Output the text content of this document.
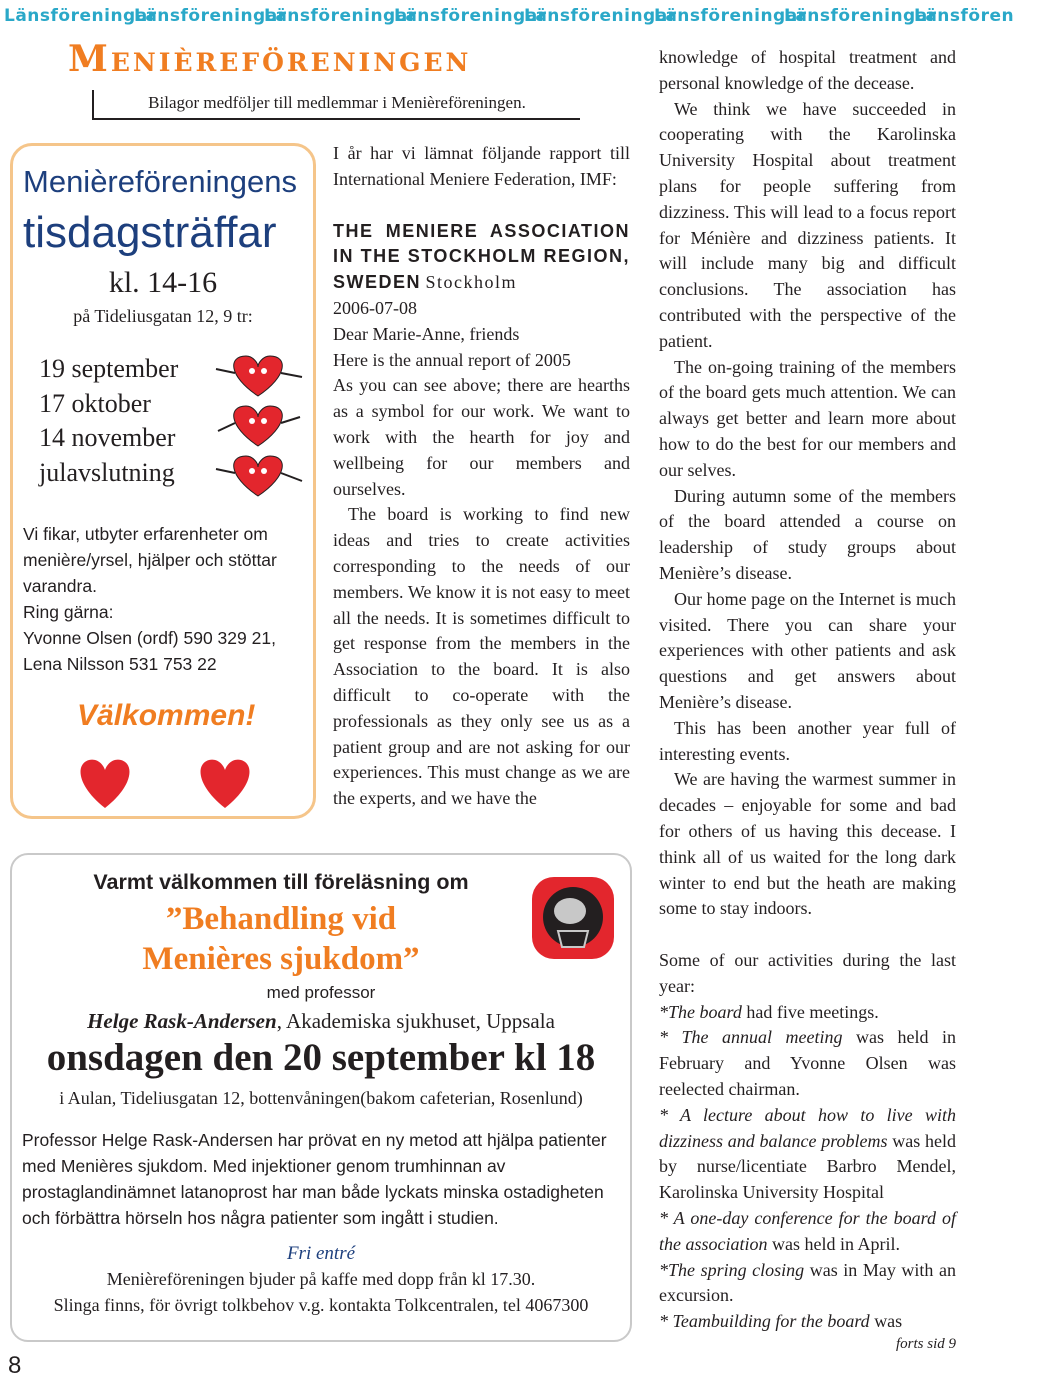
LänsföreningarLänsföreningarLänsföreningarLänsföreningarLänsföreningarLänsföreningarLänsföreningarLänsfören
Menièreföreningen
Bilagor medföljer till medlemmar i Menièreföreningen.
Menièreföreningens
tisdagsträffar
kl. 14-16
på Tideliusgatan 12, 9 tr:
19 september
17 oktober
14 november
julavslutning
Vi fikar, utbyter erfarenheter om menière/yrsel, hjälper och stöttar varandra.
Ring gärna:
Yvonne Olsen (ordf) 590 329 21,
Lena Nilsson 531 753 22
Välkommen!

I år har vi lämnat följande rapport till International Meniere Federation, IMF:

THE MENIERE ASSOCIATION IN THE STOCKHOLM REGION, SWEDEN Stockholm

2006-07-08

Dear Marie-Anne, friends

Here is the annual report of 2005

As you can see above; there are hearths as a symbol for our work. We want to work with the hearth for joy and wellbeing for our members and ourselves.

The board is working to find new ideas and tries to create activities corresponding to the needs of our members. We know it is not easy to meet all the needs. It is sometimes difficult to get response from the members in the Association to the board. It is also difficult to co-operate with the professionals as they only see us as a patient group and are not asking for our experiences. This must change as we are the experts, and we have the

knowledge of hospital treatment and personal knowledge of the decease.

We think we have succeeded in cooperating with the Karolinska University Hospital about treatment plans for people suffering from dizziness. This will lead to a focus report for Ménière and dizziness patients. It will include many big and difficult conclusions. The association has contributed with the perspective of the patient.

The on-going training of the members of the board gets much attention. We can always get better and learn more about how to do the best for our members and our selves.

During autumn some of the members of the board attended a course on leadership of study groups about Menière’s disease.

Our home page on the Internet is much visited. There you can share your experiences with other patients and ask questions and get answers about Menière’s disease.

This has been another year full of interesting events.

We are having the warmest summer in decades – enjoyable for some and bad for others of us having this decease. I think all of us waited for the long dark winter to end but the heath are making some to stay indoors.

Some of our activities during the last year:

*The board had five meetings.

* The annual meeting was held in February and Yvonne Olsen was reelected chairman.

* A lecture about how to live with dizziness and balance problems was held by nurse/licentiate Barbro Mendel, Karolinska University Hospital

* A one-day conference for the board of the association was held in April.

*The spring closing was in May with an excursion.

* Teambuilding for the board was

forts sid 9

Varmt välkommen till föreläsning om
”Behandling vid
Menières sjukdom”
med professor
Helge Rask-Andersen, Akademiska sjukhuset, Uppsala
onsdagen den 20 september kl 18
i Aulan, Tideliusgatan 12, bottenvåningen(bakom cafeterian, Rosenlund)
Professor Helge Rask-Andersen har prövat en ny metod att hjälpa patienter med Menières sjukdom. Med injektioner genom trumhinnan av prostaglandinämnet latanoprost har man både lyckats minska ostadigheten och förbättra hörseln hos några patienter som ingått i studien.
Fri entré
Menièreföreningen bjuder på kaffe med dopp från kl 17.30.
Slinga finns, för övrigt tolkbehov v.g. kontakta Tolkcentralen, tel 4067300
8
